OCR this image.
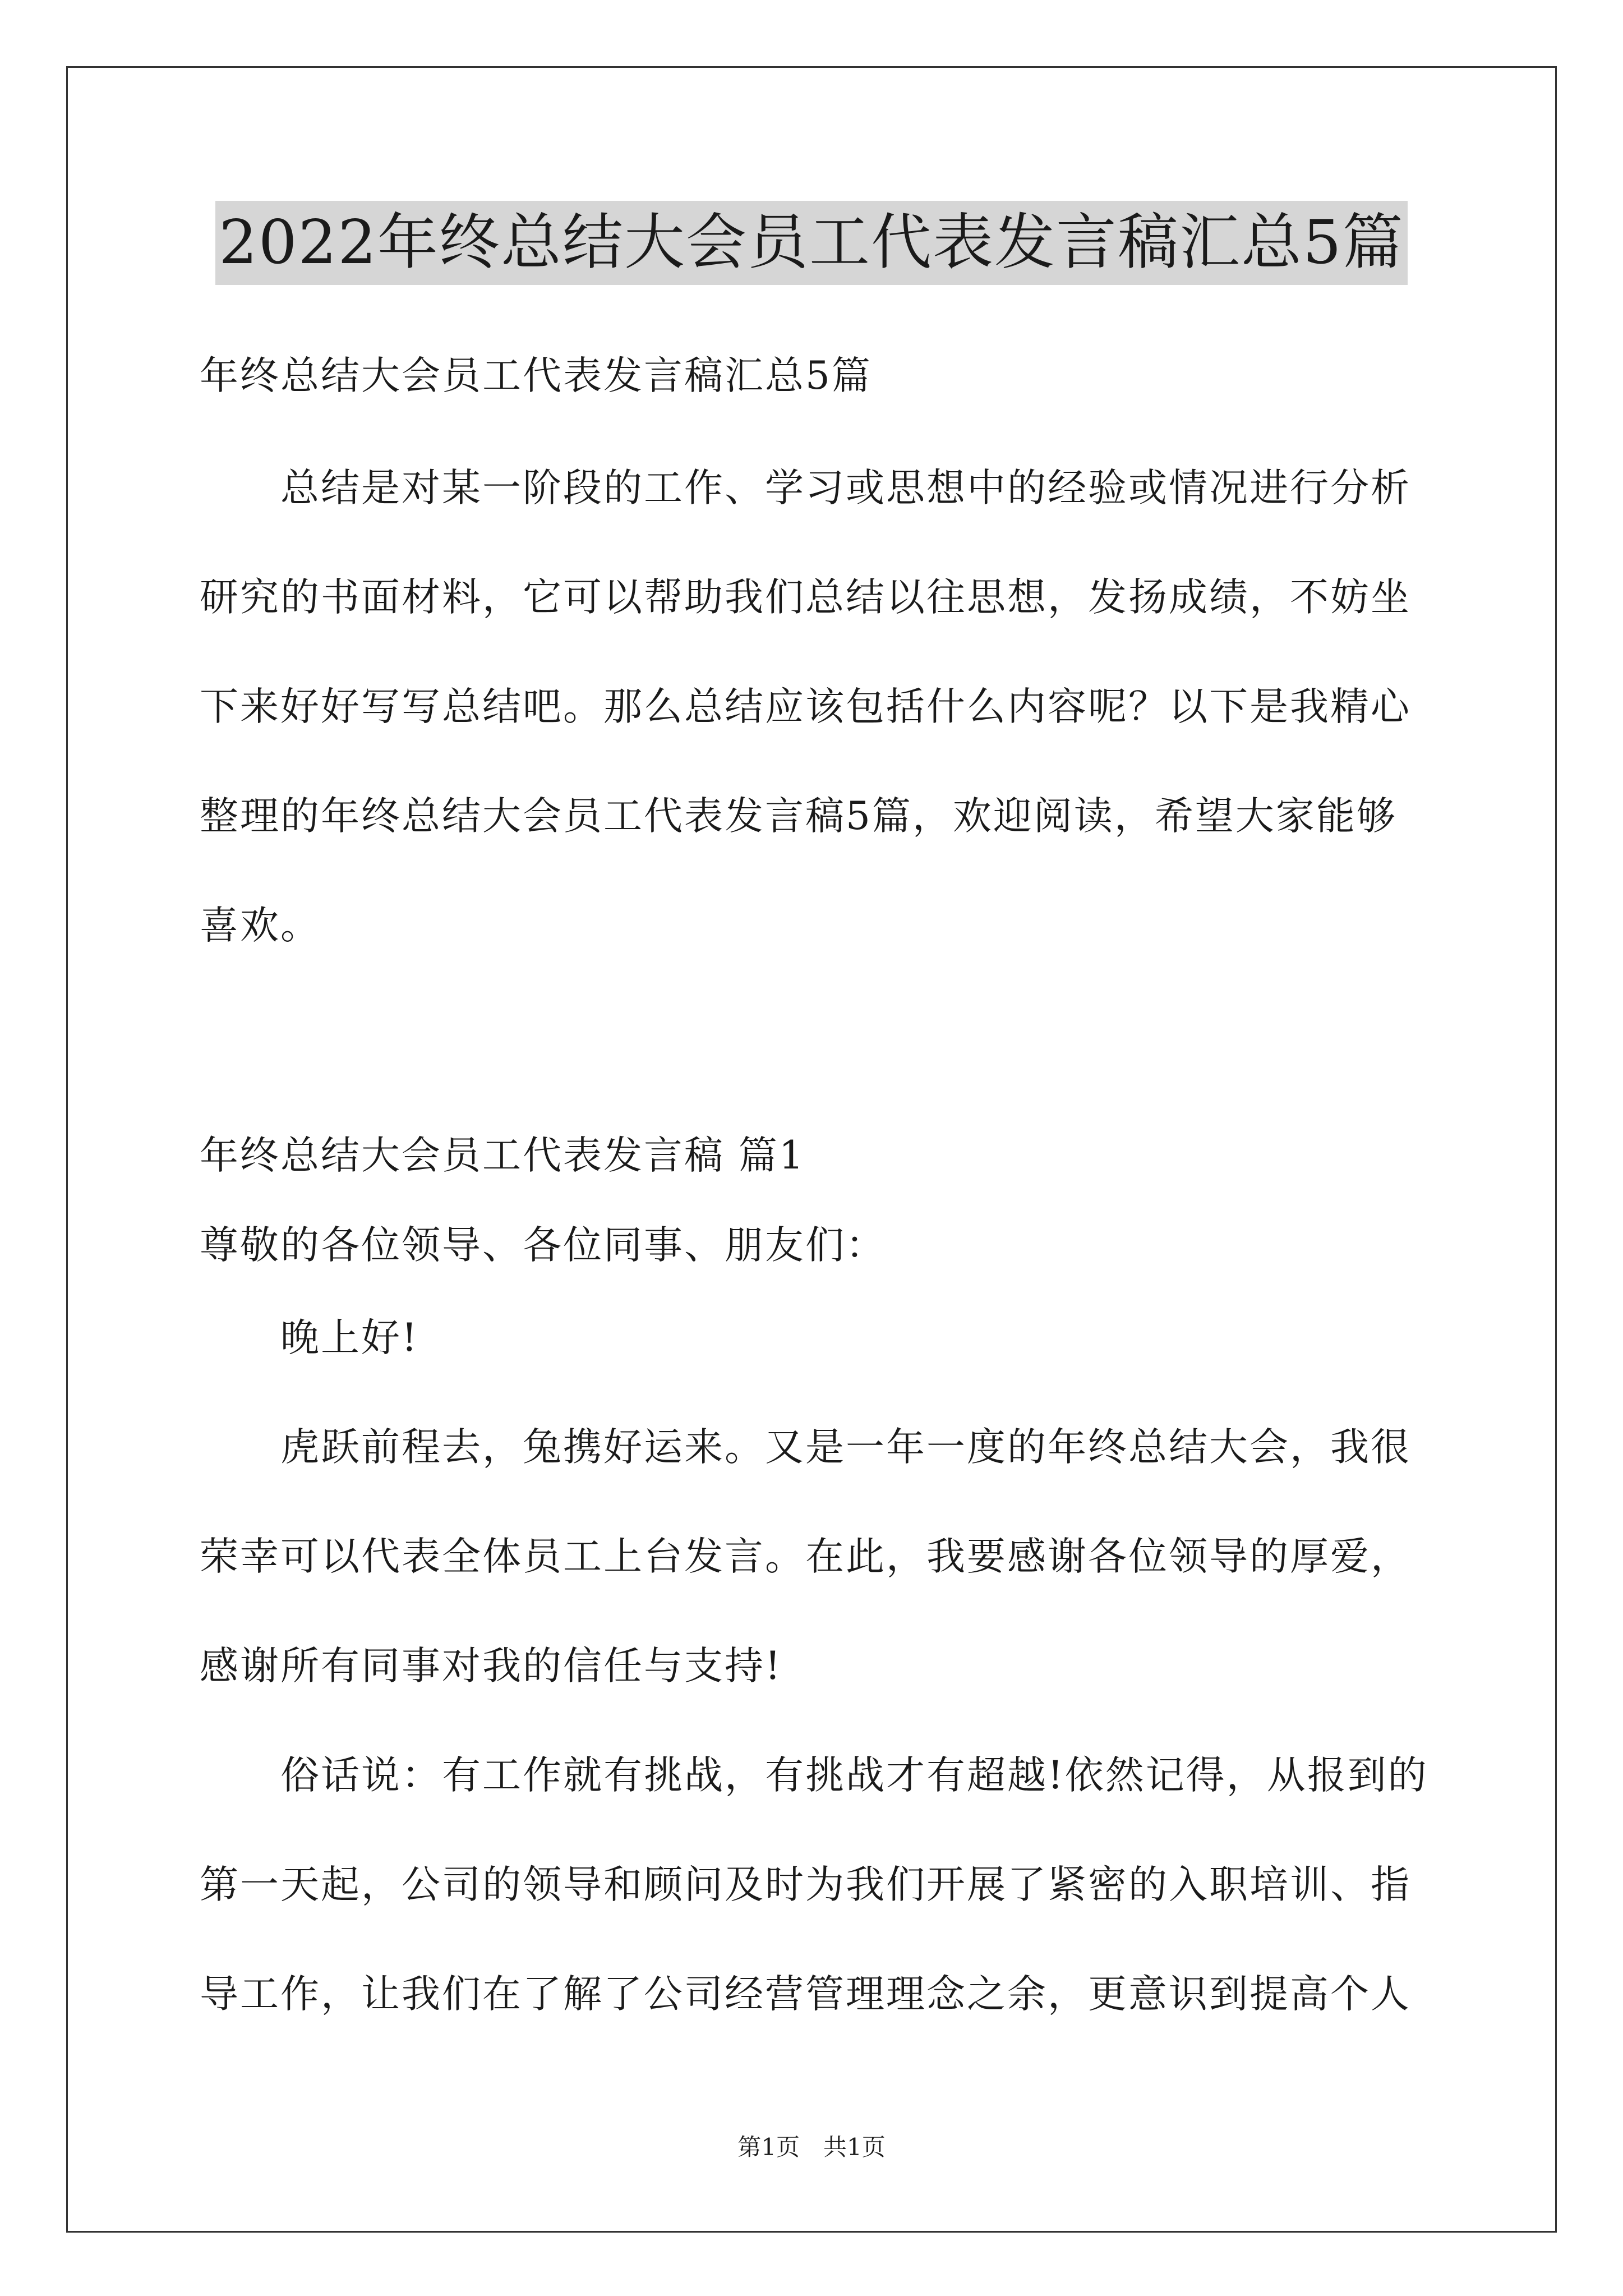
2022年终总结大会员工代表发言稿汇总5篇
年终总结大会员工代表发言稿汇总5篇
　　总结是对某一阶段的工作、学习或思想中的经验或情况进行分析
研究的书面材料，它可以帮助我们总结以往思想，发扬成绩，不妨坐
下来好好写写总结吧。那么总结应该包括什么内容呢？以下是我精心
整理的年终总结大会员工代表发言稿5篇，欢迎阅读，希望大家能够
喜欢。
年终总结大会员工代表发言稿 篇1
尊敬的各位领导、各位同事、朋友们：
　　晚上好!
　　虎跃前程去，兔携好运来。又是一年一度的年终总结大会，我很
荣幸可以代表全体员工上台发言。在此，我要感谢各位领导的厚爱，
感谢所有同事对我的信任与支持!
　　俗话说：有工作就有挑战，有挑战才有超越!依然记得，从报到的
第一天起，公司的领导和顾问及时为我们开展了紧密的入职培训、指
导工作，让我们在了解了公司经营管理理念之余，更意识到提高个人
第1页　共1页
